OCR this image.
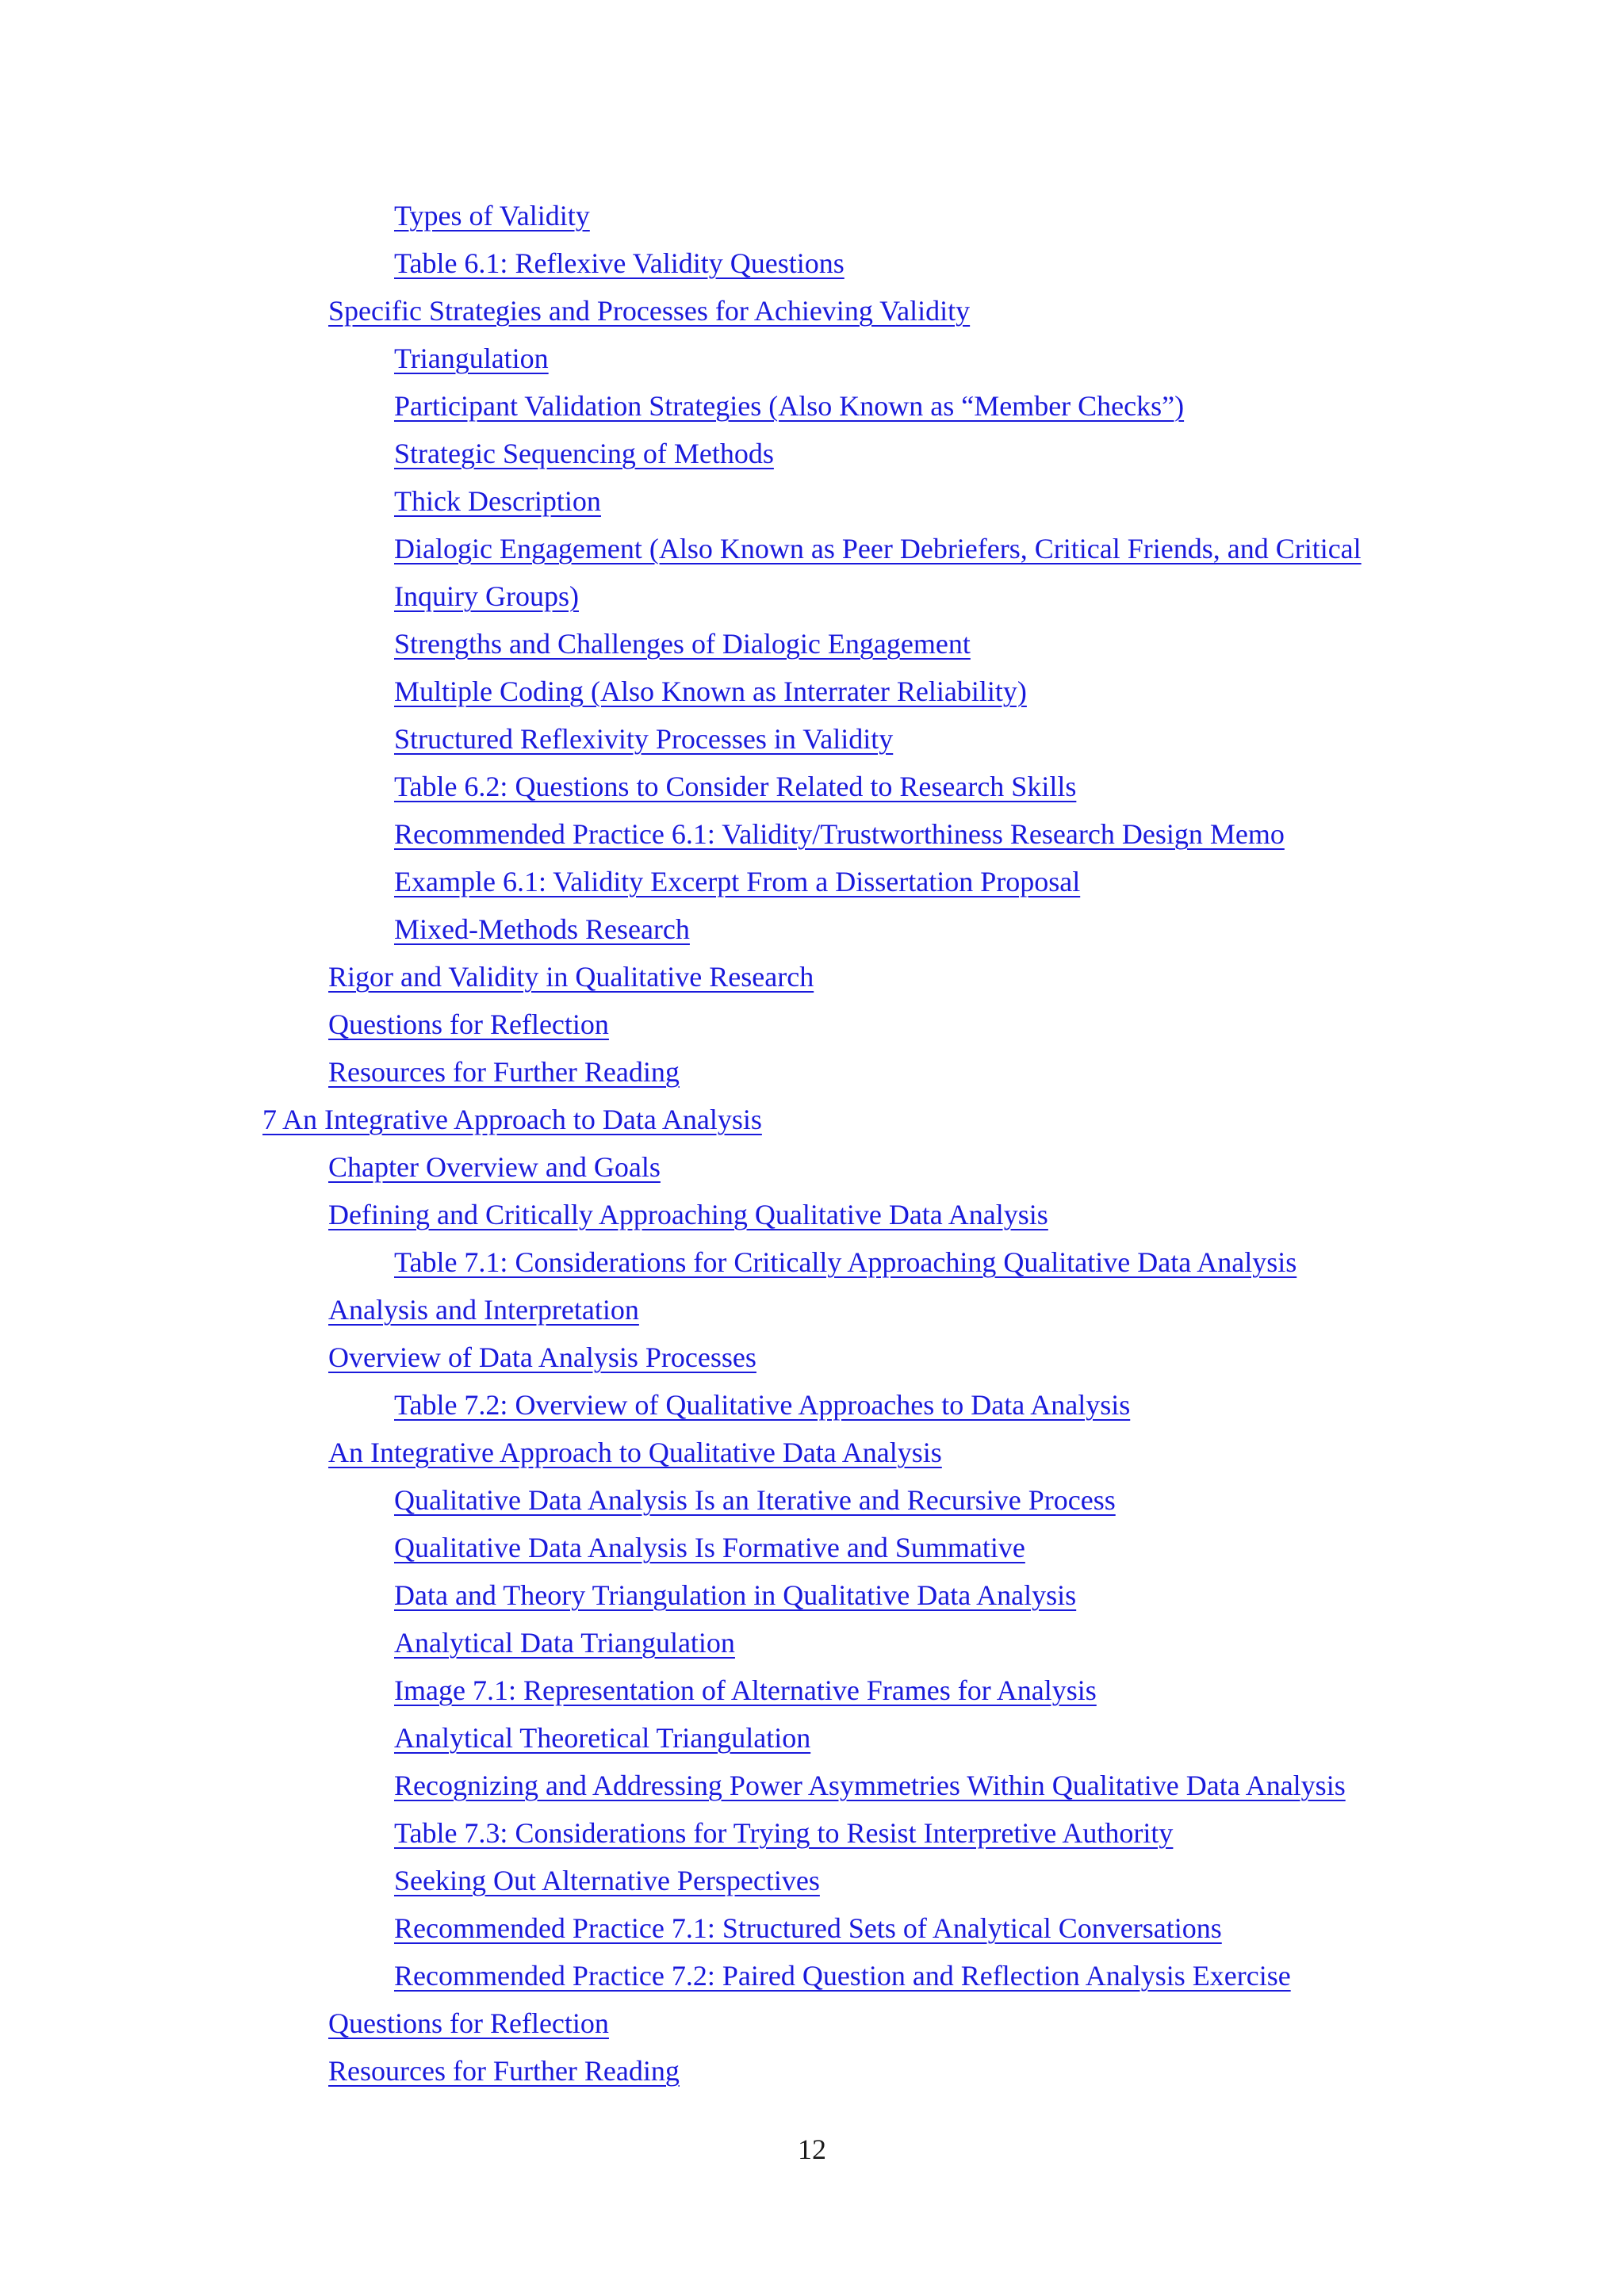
Types of Validity
Table 6.1: Reflexive Validity Questions
Specific Strategies and Processes for Achieving Validity
Triangulation
Participant Validation Strategies (Also Known as “Member Checks”)
Strategic Sequencing of Methods
Thick Description
Dialogic Engagement (Also Known as Peer Debriefers, Critical Friends, and Critical
Inquiry Groups)
Strengths and Challenges of Dialogic Engagement
Multiple Coding (Also Known as Interrater Reliability)
Structured Reflexivity Processes in Validity
Table 6.2: Questions to Consider Related to Research Skills
Recommended Practice 6.1: Validity/Trustworthiness Research Design Memo
Example 6.1: Validity Excerpt From a Dissertation Proposal
Mixed-Methods Research
Rigor and Validity in Qualitative Research
Questions for Reflection
Resources for Further Reading
7 An Integrative Approach to Data Analysis
Chapter Overview and Goals
Defining and Critically Approaching Qualitative Data Analysis
Table 7.1: Considerations for Critically Approaching Qualitative Data Analysis
Analysis and Interpretation
Overview of Data Analysis Processes
Table 7.2: Overview of Qualitative Approaches to Data Analysis
An Integrative Approach to Qualitative Data Analysis
Qualitative Data Analysis Is an Iterative and Recursive Process
Qualitative Data Analysis Is Formative and Summative
Data and Theory Triangulation in Qualitative Data Analysis
Analytical Data Triangulation
Image 7.1: Representation of Alternative Frames for Analysis
Analytical Theoretical Triangulation
Recognizing and Addressing Power Asymmetries Within Qualitative Data Analysis
Table 7.3: Considerations for Trying to Resist Interpretive Authority
Seeking Out Alternative Perspectives
Recommended Practice 7.1: Structured Sets of Analytical Conversations
Recommended Practice 7.2: Paired Question and Reflection Analysis Exercise
Questions for Reflection
Resources for Further Reading
12
